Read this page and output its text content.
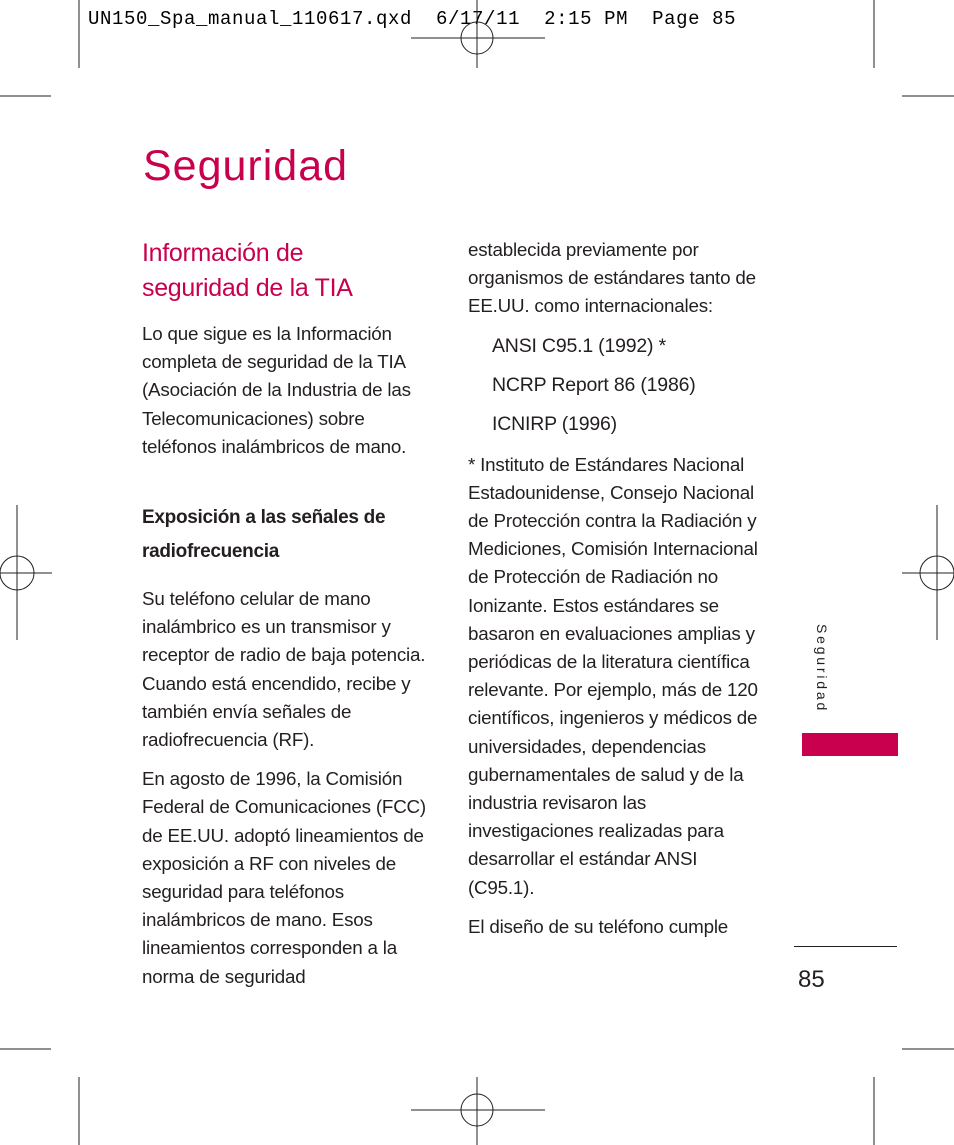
UN150_Spa_manual_110617.qxd  6/17/11  2:15 PM  Page 85
Seguridad
Información de
seguridad de la TIA

Lo que sigue es la Información completa de seguridad de la TIA (Asociación de la Industria de las Telecomunicaciones) sobre teléfonos inalámbricos de mano.

Exposición a las señales de
radiofrecuencia

Su teléfono celular de mano inalámbrico es un transmisor y receptor de radio de baja potencia. Cuando está encendido, recibe y también envía señales de radiofrecuencia (RF).

En agosto de 1996, la Comisión Federal de Comunicaciones (FCC) de EE.UU. adoptó lineamientos de exposición a RF con niveles de seguridad para teléfonos inalámbricos de mano. Esos lineamientos corresponden a la norma de seguridad

establecida previamente por organismos de estándares tanto de EE.UU. como internacionales:

ANSI C95.1 (1992) *

NCRP Report 86 (1986)

ICNIRP (1996)

* Instituto de Estándares Nacional Estadounidense, Consejo Nacional de Protección contra la Radiación y Mediciones, Comisión Internacional de Protección de Radiación no Ionizante. Estos estándares se basaron en evaluaciones amplias y periódicas de la literatura científica relevante. Por ejemplo, más de 120 científicos, ingenieros y médicos de universidades, dependencias gubernamentales de salud y de la industria revisaron las investigaciones realizadas para desarrollar el estándar ANSI (C95.1).

El diseño de su teléfono cumple

Seguridad
85
